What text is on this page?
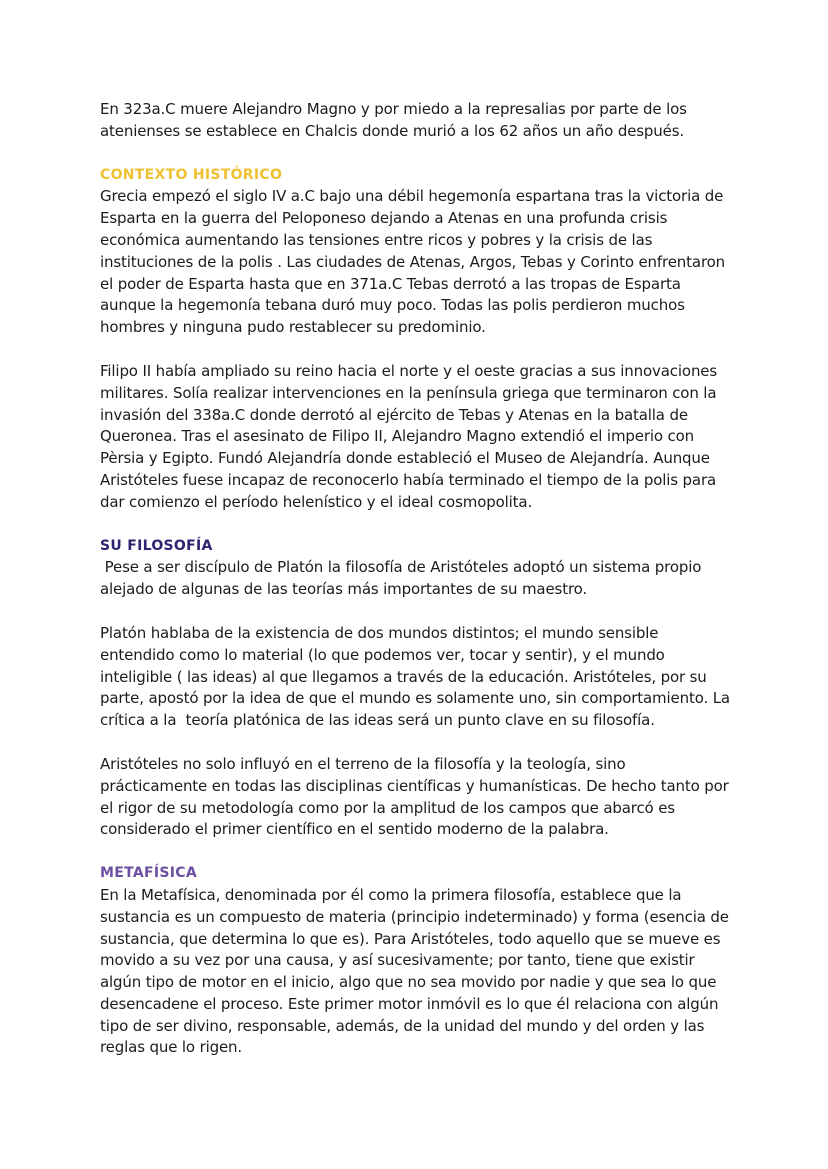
En 323a.C muere Alejandro Magno y por miedo a la represalias por parte de los atenienses se establece en Chalcis donde murió a los 62 años un año después.

CONTEXTO HISTÓRICO

Grecia empezó el siglo IV a.C bajo una débil hegemonía espartana tras la victoria de Esparta en la guerra del Peloponeso dejando a Atenas en una profunda crisis económica aumentando las tensiones entre ricos y pobres y la crisis de las instituciones de la polis . Las ciudades de Atenas, Argos, Tebas y Corinto enfrentaron el poder de Esparta hasta que en 371a.C Tebas derrotó a las tropas de Esparta aunque la hegemonía tebana duró muy poco. Todas las polis perdieron muchos hombres y ninguna pudo restablecer su predominio.

Filipo II había ampliado su reino hacia el norte y el oeste gracias a sus innovaciones militares. Solía realizar intervenciones en la península griega que terminaron con la invasión del 338a.C donde derrotó al ejército de Tebas y Atenas en la batalla de Queronea. Tras el asesinato de Filipo II, Alejandro Magno extendió el imperio con Pèrsia y Egipto. Fundó Alejandría donde estableció el Museo de Alejandría. Aunque Aristóteles fuese incapaz de reconocerlo había terminado el tiempo de la polis para dar comienzo el período helenístico y el ideal cosmopolita.

SU FILOSOFÍA

Pese a ser discípulo de Platón la filosofía de Aristóteles adoptó un sistema propio alejado de algunas de las teorías más importantes de su maestro.

Platón hablaba de la existencia de dos mundos distintos; el mundo sensible entendido como lo material (lo que podemos ver, tocar y sentir), y el mundo inteligible ( las ideas) al que llegamos a través de la educación. Aristóteles, por su parte, apostó por la idea de que el mundo es solamente uno, sin comportamiento. La crítica a la  teoría platónica de las ideas será un punto clave en su filosofía.

Aristóteles no solo influyó en el terreno de la filosofía y la teología, sino prácticamente en todas las disciplinas científicas y humanísticas. De hecho tanto por el rigor de su metodología como por la amplitud de los campos que abarcó es considerado el primer científico en el sentido moderno de la palabra.

METAFÍSICA

En la Metafísica, denominada por él como la primera filosofía, establece que la sustancia es un compuesto de materia (principio indeterminado) y forma (esencia de sustancia, que determina lo que es). Para Aristóteles, todo aquello que se mueve es movido a su vez por una causa, y así sucesivamente; por tanto, tiene que existir algún tipo de motor en el inicio, algo que no sea movido por nadie y que sea lo que desencadene el proceso. Este primer motor inmóvil es lo que él relaciona con algún tipo de ser divino, responsable, además, de la unidad del mundo y del orden y las reglas que lo rigen.
